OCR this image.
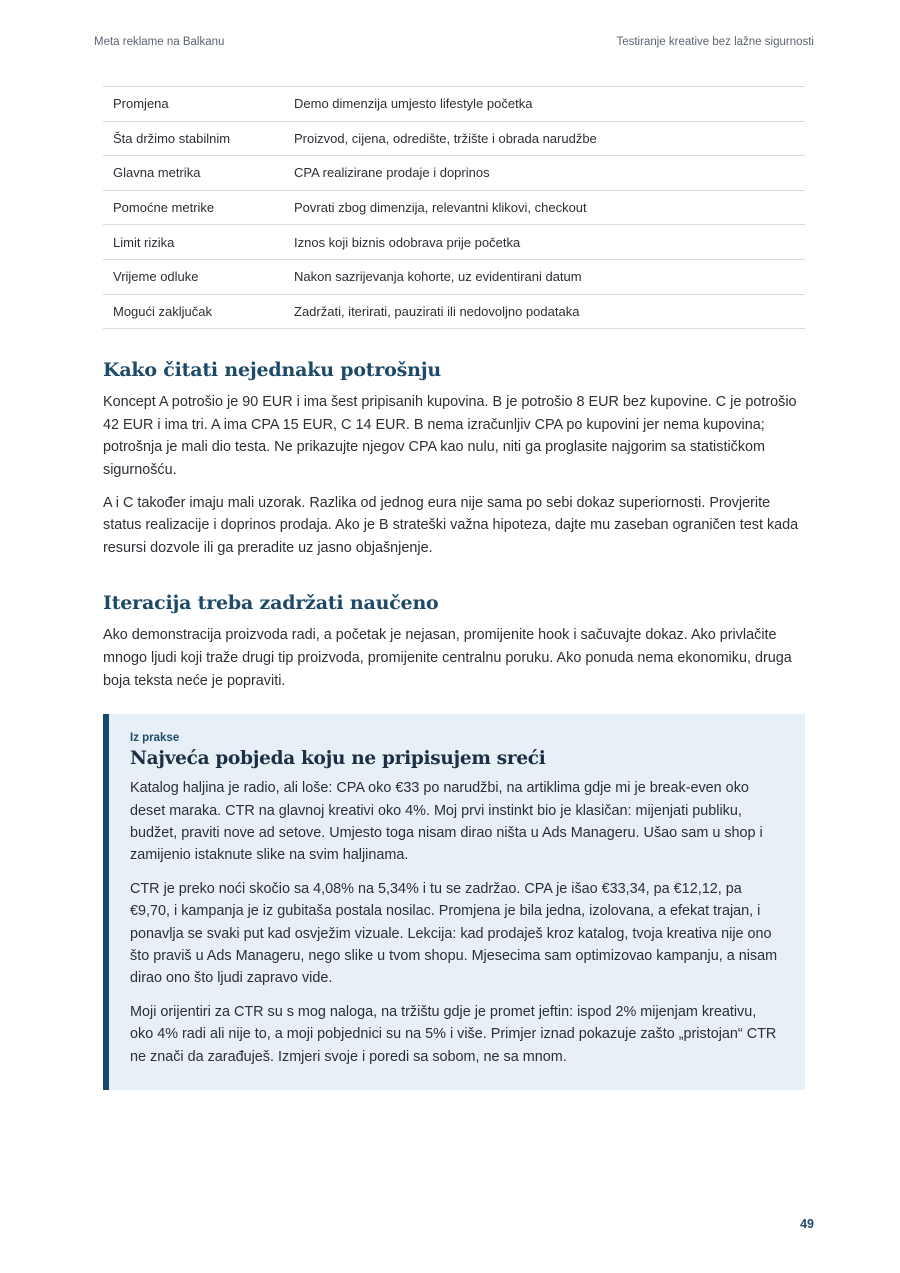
Meta reklame na Balkanu	Testiranje kreative bez lažne sigurnosti
Promjena	Demo dimenzija umjesto lifestyle početka
Šta držimo stabilnim	Proizvod, cijena, odredište, tržište i obrada narudžbe
Glavna metrika	CPA realizirane prodaje i doprinos
Pomoćne metrike	Povrati zbog dimenzija, relevantni klikovi, checkout
Limit rizika	Iznos koji biznis odobrava prije početka
Vrijeme odluke	Nakon sazrijevanja kohorte, uz evidentirani datum
Mogući zaključak	Zadržati, iterirati, pauzirati ili nedovoljno podataka
Kako čitati nejednaku potrošnju

Koncept A potrošio je 90 EUR i ima šest pripisanih kupovina. B je potrošio 8 EUR bez kupovine. C je potrošio 42 EUR i ima tri. A ima CPA 15 EUR, C 14 EUR. B nema izračunljiv CPA po kupovini jer nema kupovina; potrošnja je mali dio testa. Ne prikazujte njegov CPA kao nulu, niti ga proglasite najgorim sa statističkom sigurnošću.

A i C također imaju mali uzorak. Razlika od jednog eura nije sama po sebi dokaz superiornosti. Provjerite status realizacije i doprinos prodaja. Ako je B strateški važna hipoteza, dajte mu zaseban ograničen test kada resursi dozvole ili ga preradite uz jasno objašnjenje.

Iteracija treba zadržati naučeno

Ako demonstracija proizvoda radi, a početak je nejasan, promijenite hook i sačuvajte dokaz. Ako privlačite mnogo ljudi koji traže drugi tip proizvoda, promijenite centralnu poruku. Ako ponuda nema ekonomiku, druga boja teksta neće je popraviti.

Iz prakse

Najveća pobjeda koju ne pripisujem sreći

Katalog haljina je radio, ali loše: CPA oko €33 po narudžbi, na artiklima gdje mi je break-even oko deset maraka. CTR na glavnoj kreativi oko 4%. Moj prvi instinkt bio je klasičan: mijenjati publiku, budžet, praviti nove ad setove. Umjesto toga nisam dirao ništa u Ads Manageru. Ušao sam u shop i zamijenio istaknute slike na svim haljinama.

CTR je preko noći skočio sa 4,08% na 5,34% i tu se zadržao. CPA je išao €33,34, pa €12,12, pa €9,70, i kampanja je iz gubitaša postala nosilac. Promjena je bila jedna, izolovana, a efekat trajan, i ponavlja se svaki put kad osvježim vizuale. Lekcija: kad prodaješ kroz katalog, tvoja kreativa nije ono što praviš u Ads Manageru, nego slike u tvom shopu. Mjesecima sam optimizovao kampanju, a nisam dirao ono što ljudi zapravo vide.

Moji orijentiri za CTR su s mog naloga, na tržištu gdje je promet jeftin: ispod 2% mijenjam kreativu, oko 4% radi ali nije to, a moji pobjednici su na 5% i više. Primjer iznad pokazuje zašto „pristojan“ CTR ne znači da zarađuješ. Izmjeri svoje i poredi sa sobom, ne sa mnom.

49
